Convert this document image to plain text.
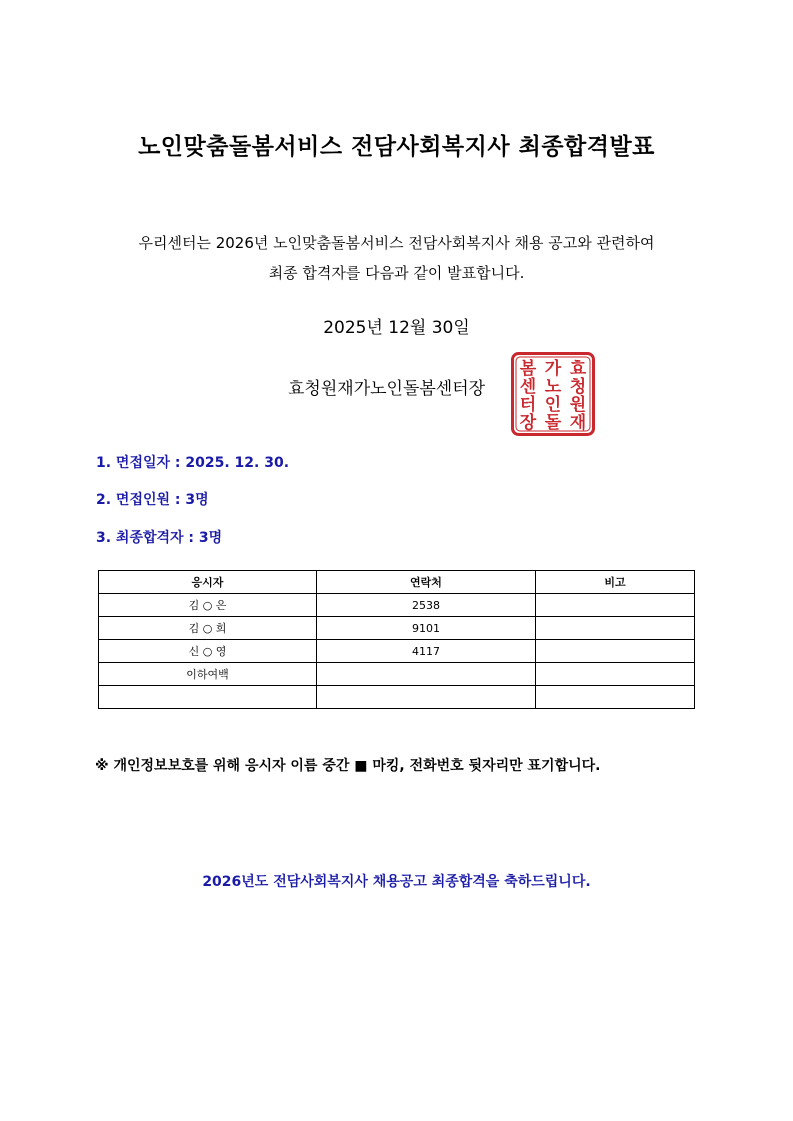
노인맞춤돌봄서비스 전담사회복지사 최종합격발표
우리센터는 2026년 노인맞춤돌봄서비스 전담사회복지사 채용 공고와 관련하여
최종 합격자를 다음과 같이 발표합니다.
2025년 12월 30일
효청원재가노인돌봄센터장
효
청
원
재
가
노
인
돌
봄
센
터
장
1. 면접일자 : 2025. 12. 30.
2. 면접인원 : 3명
3. 최종합격자 : 3명
응시자	연락처	비고
김 ○ 은	2538	
김 ○ 희	9101	
신 ○ 영	4117	
이하여백		

※ 개인정보보호를 위해 응시자 이름 중간 ■ 마킹, 전화번호 뒷자리만 표기합니다.
2026년도 전담사회복지사 채용공고 최종합격을 축하드립니다.
